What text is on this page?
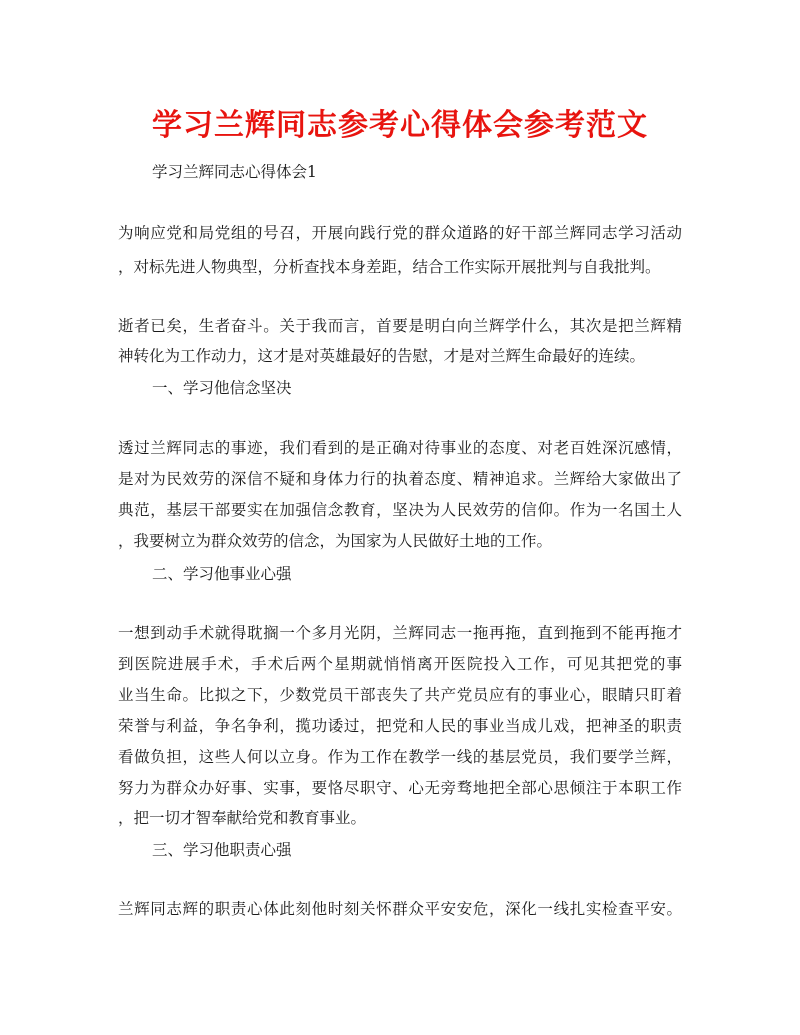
学习兰辉同志参考心得体会参考范文
学习兰辉同志心得体会1
为响应党和局党组的号召，开展向践行党的群众道路的好干部兰辉同志学习活动
，对标先进人物典型，分析查找本身差距，结合工作实际开展批判与自我批判。
逝者已矣，生者奋斗。关于我而言，首要是明白向兰辉学什么，其次是把兰辉精
神转化为工作动力，这才是对英雄最好的告慰，才是对兰辉生命最好的连续。
一、学习他信念坚决
透过兰辉同志的事迹，我们看到的是正确对待事业的态度、对老百姓深沉感情，
是对为民效劳的深信不疑和身体力行的执着态度、精神追求。兰辉给大家做出了
典范，基层干部要实在加强信念教育，坚决为人民效劳的信仰。作为一名国土人
，我要树立为群众效劳的信念，为国家为人民做好土地的工作。
二、学习他事业心强
一想到动手术就得耽搁一个多月光阴，兰辉同志一拖再拖，直到拖到不能再拖才
到医院进展手术，手术后两个星期就悄悄离开医院投入工作，可见其把党的事
业当生命。比拟之下，少数党员干部丧失了共产党员应有的事业心，眼睛只盯着
荣誉与利益，争名争利，揽功诿过，把党和人民的事业当成儿戏，把神圣的职责
看做负担，这些人何以立身。作为工作在教学一线的基层党员，我们要学兰辉，
努力为群众办好事、实事，要恪尽职守、心无旁骛地把全部心思倾注于本职工作
，把一切才智奉献给党和教育事业。
三、学习他职责心强
兰辉同志辉的职责心体此刻他时刻关怀群众平安安危，深化一线扎实检查平安。
